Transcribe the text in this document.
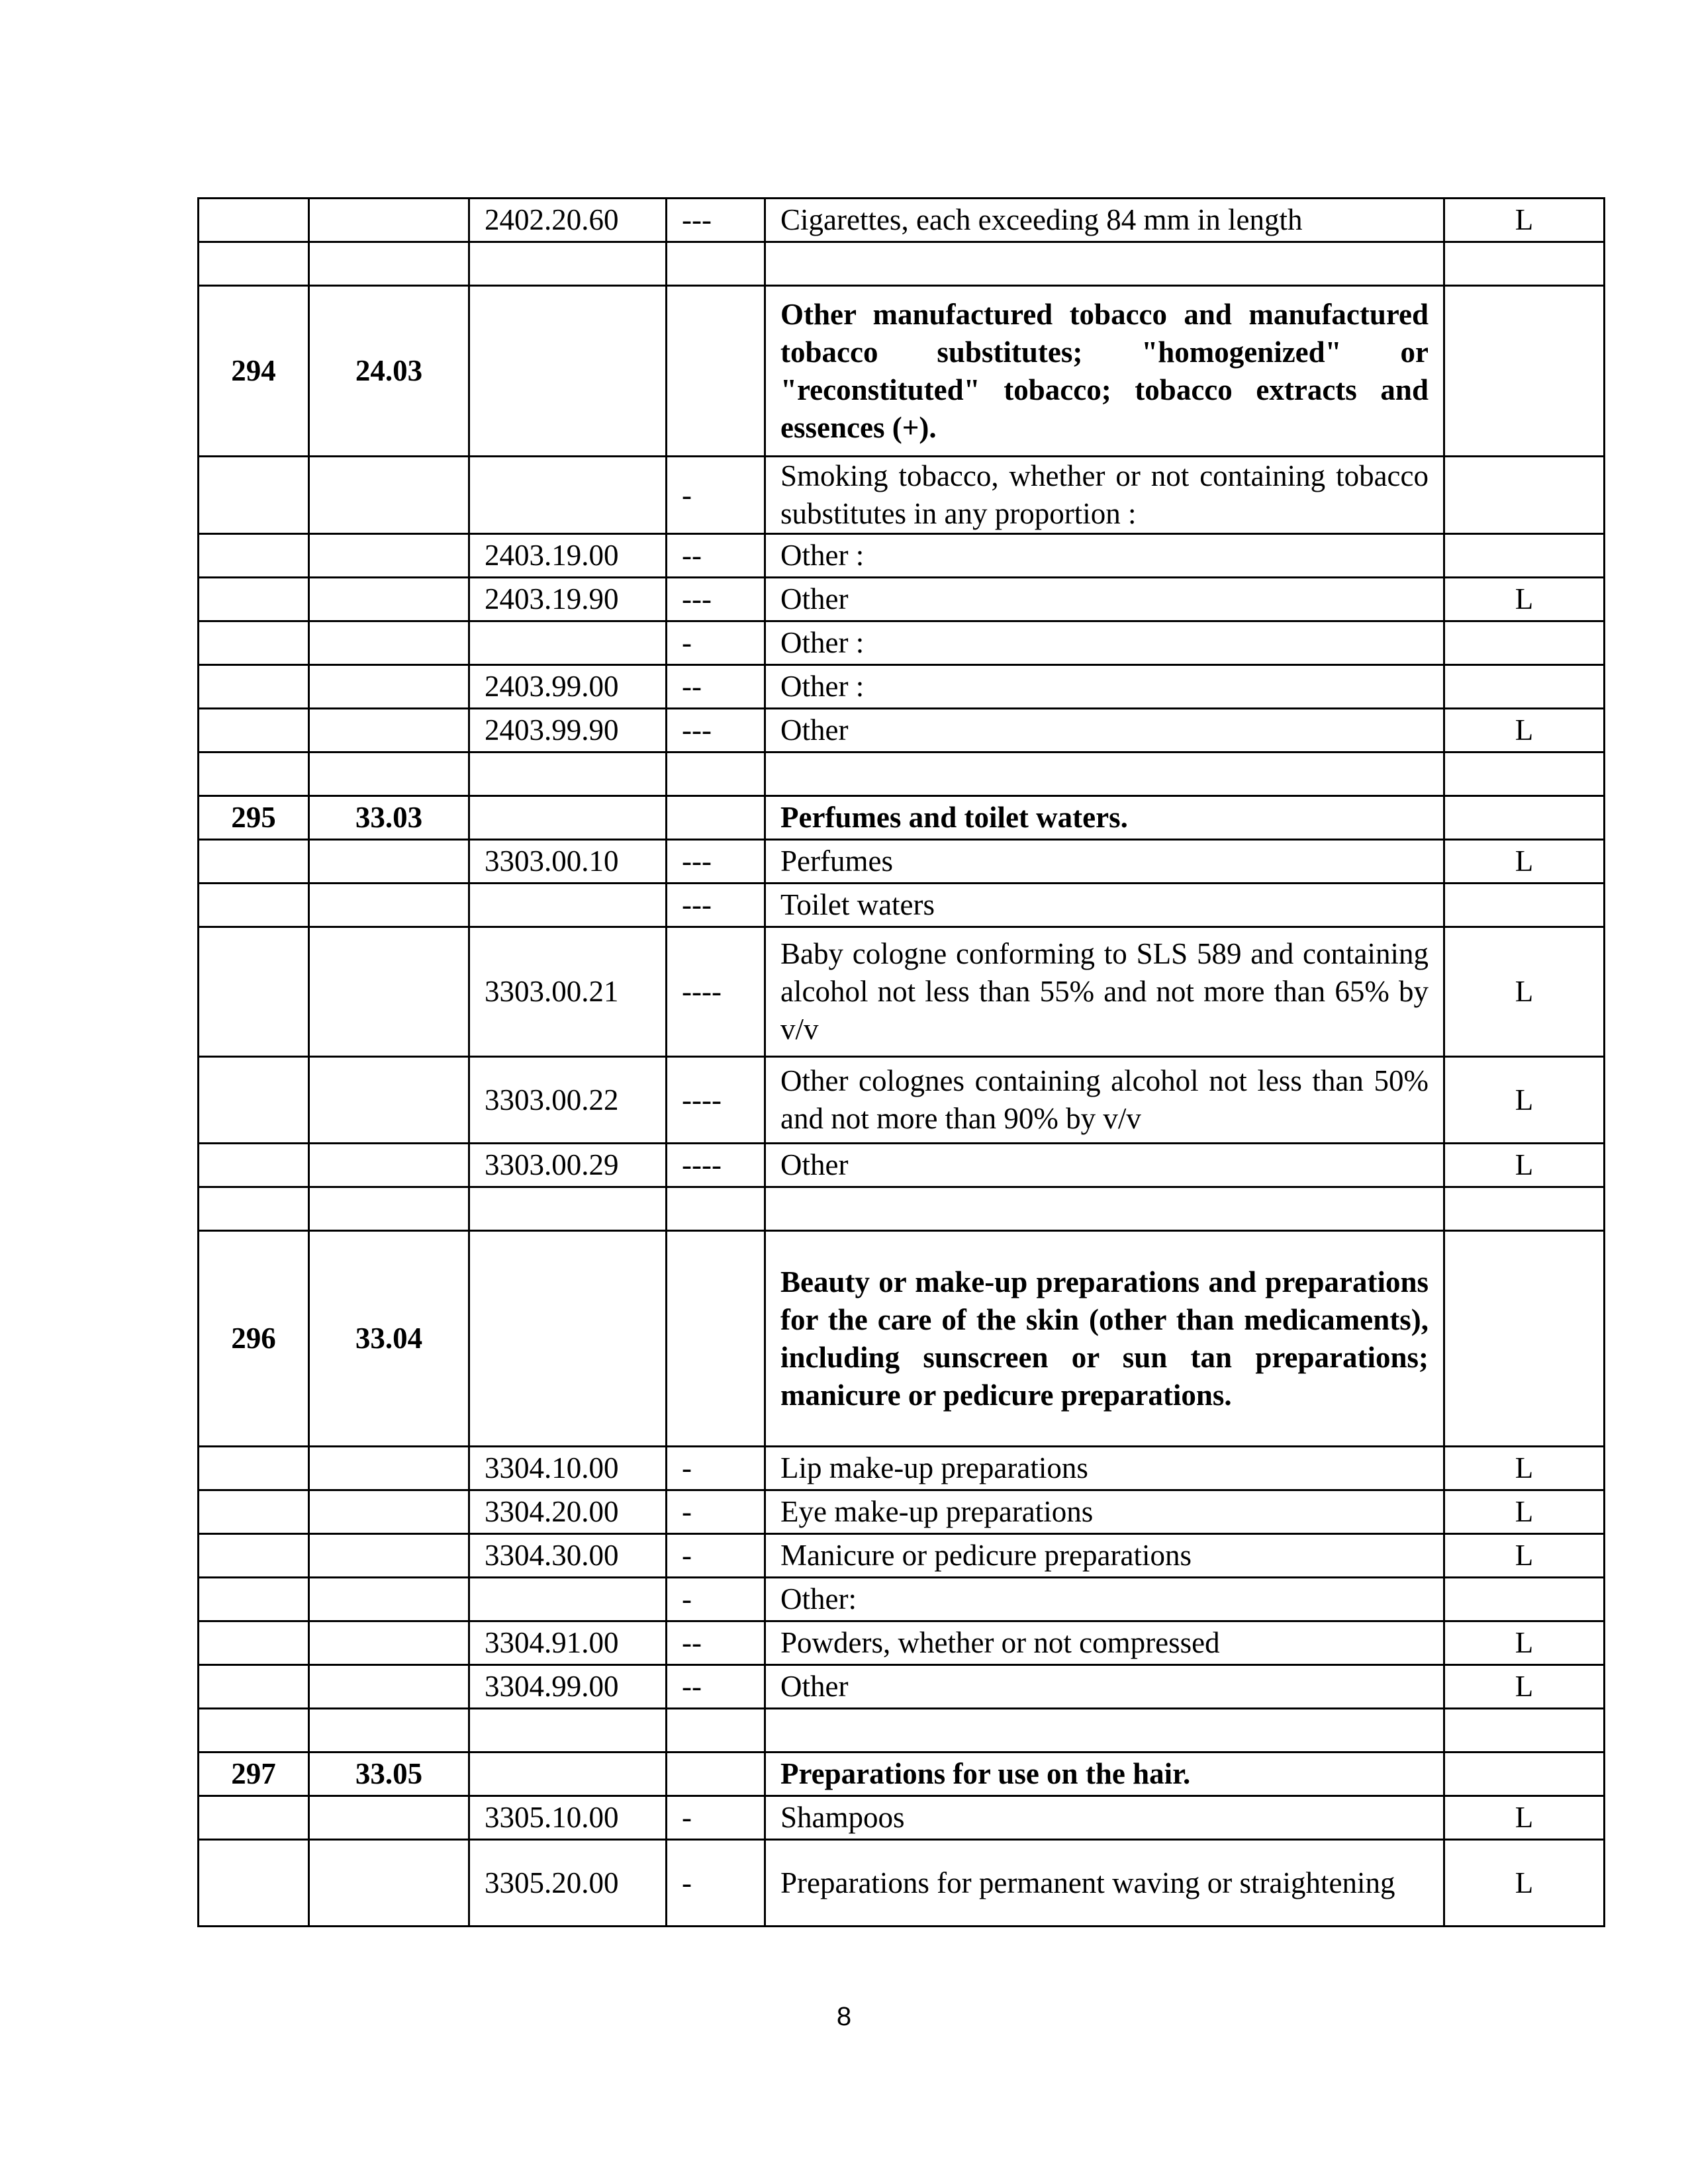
		2402.20.60	---	Cigarettes, each exceeding 84 mm in length	L

294	24.03			Other manufactured tobacco and manufactured tobacco substitutes; "homogenized" or "reconstituted" tobacco; tobacco extracts and essences (+).	
			-	Smoking tobacco, whether or not containing tobacco substitutes in any proportion :	
		2403.19.00	--	Other :	
		2403.19.90	---	Other	L
			-	Other :	
		2403.99.00	--	Other :	
		2403.99.90	---	Other	L

295	33.03			Perfumes and toilet waters.	
		3303.00.10	---	Perfumes	L
			---	Toilet waters	
		3303.00.21	----	Baby cologne conforming to SLS 589 and containing alcohol not less than 55% and not more than 65% by v/v	L
		3303.00.22	----	Other colognes containing alcohol not less than 50% and not more than 90% by v/v	L
		3303.00.29	----	Other	L

296	33.04			Beauty or make-up preparations and preparations for the care of the skin (other than medicaments), including sunscreen or sun tan preparations; manicure or pedicure preparations.	
		3304.10.00	-	Lip make-up preparations	L
		3304.20.00	-	Eye make-up preparations	L
		3304.30.00	-	Manicure or pedicure preparations	L
			-	Other:	
		3304.91.00	--	Powders, whether or not compressed	L
		3304.99.00	--	Other	L

297	33.05			Preparations for use on the hair.	
		3305.10.00	-	Shampoos	L
		3305.20.00	-	Preparations for permanent waving or straightening	L
8
